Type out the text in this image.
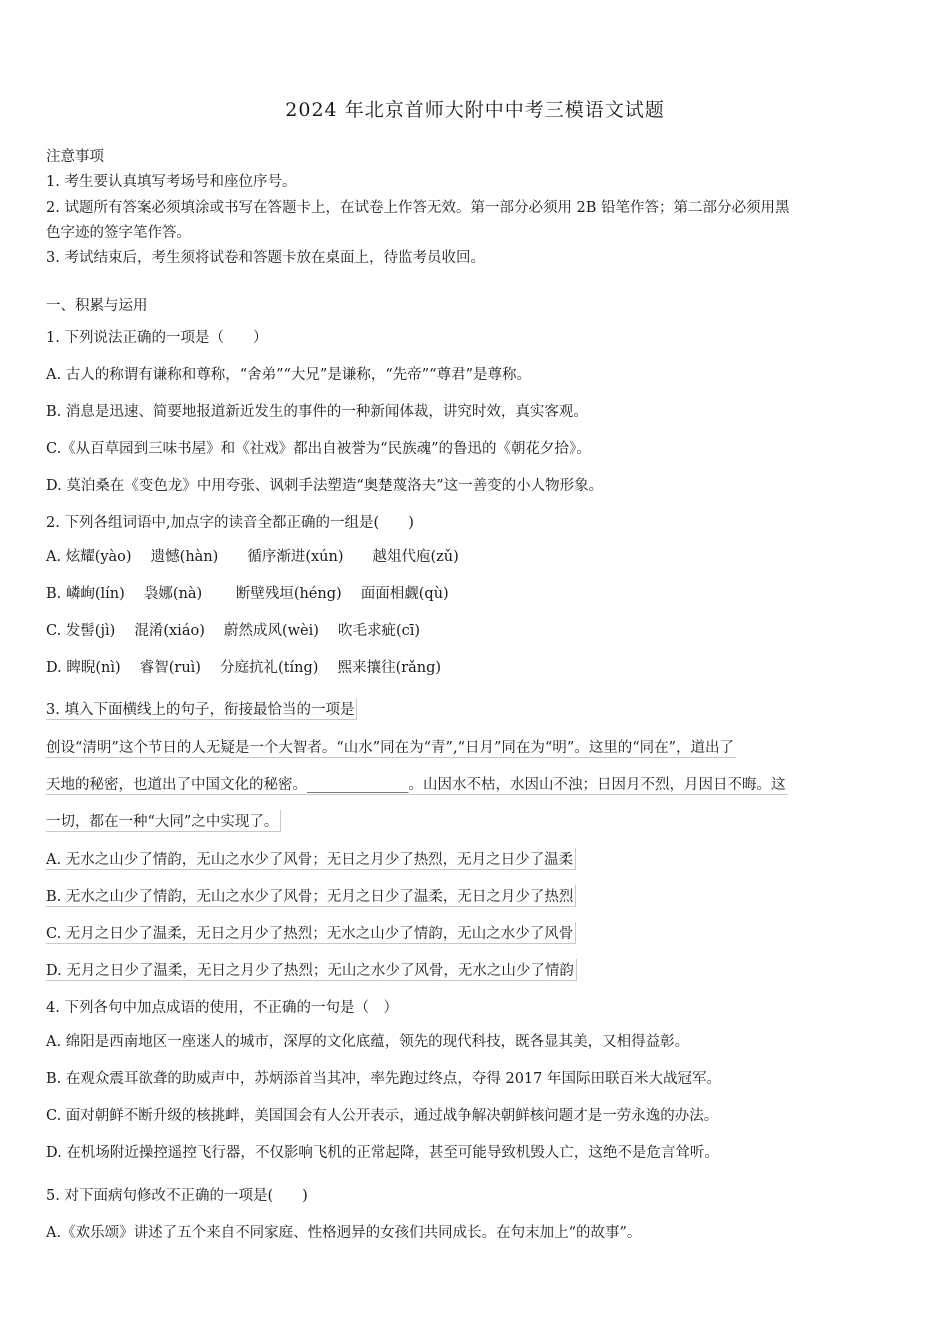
2024 年北京首师大附中中考三模语文试题
注意事项
1. 考生要认真填写考场号和座位序号。
2. 试题所有答案必须填涂或书写在答题卡上，在试卷上作答无效。第一部分必须用 2B 铅笔作答；第二部分必须用黑
色字迹的签字笔作答。
3. 考试结束后，考生须将试卷和答题卡放在桌面上，待监考员收回。
一、积累与运用
1. 下列说法正确的一项是（　　）
A. 古人的称谓有谦称和尊称，“舍弟”“大兄”是谦称，“先帝”“尊君”是尊称。
B. 消息是迅速、简要地报道新近发生的事件的一种新闻体裁，讲究时效，真实客观。
C.《从百草园到三味书屋》和《社戏》都出自被誉为“民族魂”的鲁迅的《朝花夕拾》。
D. 莫泊桑在《变色龙》中用夸张、讽刺手法塑造“奥楚蔑洛夫”这一善变的小人物形象。
2. 下列各组词语中,加点字的读音全都正确的一组是(　　)
A. 炫耀(yào)　 遗憾(hàn)　　循序渐进(xún)　　越俎代庖(zǔ)
B. 嶙峋(lín)　 袅娜(nà)　　 断壁残垣(héng)　 面面相觑(qù)
C. 发髻(jì)　 混淆(xiáo)　 蔚然成风(wèi)　 吹毛求疵(cī)
D. 睥睨(nì)　 睿智(ruì)　 分庭抗礼(tíng)　 熙来攘往(rǎng)
3. 填入下面横线上的句子，衔接最恰当的一项是
创设“清明”这个节日的人无疑是一个大智者。“山水”同在为“青”,“日月”同在为“明”。这里的“同在”，道出了
天地的秘密，也道出了中国文化的秘密。______________。山因水不枯，水因山不浊；日因月不烈，月因日不晦。这
一切，都在一种“大同”之中实现了。
A. 无水之山少了情韵，无山之水少了风骨；无日之月少了热烈，无月之日少了温柔
B. 无水之山少了情韵，无山之水少了风骨；无月之日少了温柔，无日之月少了热烈
C. 无月之日少了温柔，无日之月少了热烈；无水之山少了情韵，无山之水少了风骨
D. 无月之日少了温柔，无日之月少了热烈；无山之水少了风骨，无水之山少了情韵
4. 下列各句中加点成语的使用，不正确的一句是（　）
A. 绵阳是西南地区一座迷人的城市，深厚的文化底蕴，领先的现代科技，既各显其美，又相得益彰。
B. 在观众震耳欲聋的助威声中，苏炳添首当其冲，率先跑过终点，夺得 2017 年国际田联百米大战冠军。
C. 面对朝鲜不断升级的核挑衅，美国国会有人公开表示，通过战争解决朝鲜核问题才是一劳永逸的办法。
D. 在机场附近操控遥控飞行器，不仅影响飞机的正常起降，甚至可能导致机毁人亡，这绝不是危言耸听。
5. 对下面病句修改不正确的一项是(　　)
A.《欢乐颂》讲述了五个来自不同家庭、性格迥异的女孩们共同成长。在句末加上“的故事”。
